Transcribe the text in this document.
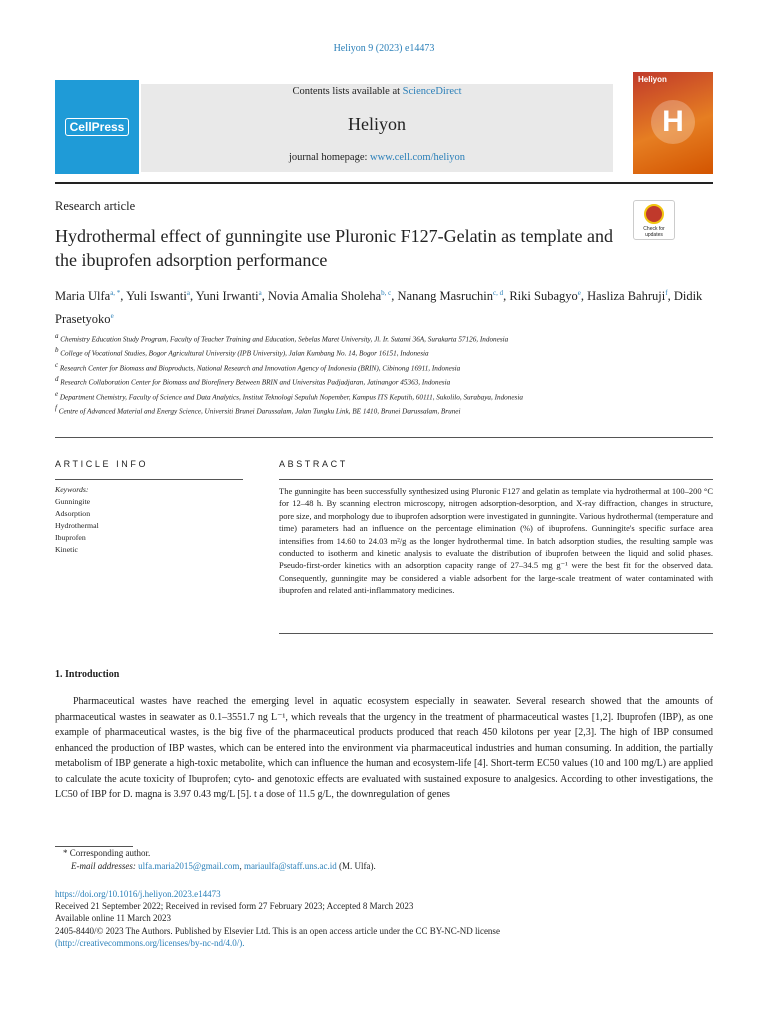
Heliyon 9 (2023) e14473
CellPress
Contents lists available at ScienceDirect
Heliyon
journal homepage: www.cell.com/heliyon
Heliyon
H
Research article
Check for updates
Hydrothermal effect of gunningite use Pluronic F127-Gelatin as template and the ibuprofen adsorption performance
Maria Ulfa$^{a, *}$, Yuli Iswanti$^a$, Yuni Irwanti$^a$, Novia Amalia Sholeha$^{b, c}$, Nanang Masruchin$^{c, d}$, Riki Subagyo$^e$, Hasliza Bahruji$^f$, Didik Prasetyoko$^e$
$^a$ Chemistry Education Study Program, Faculty of Teacher Training and Education, Sebelas Maret University, Jl. Ir. Sutami 36A, Surakarta 57126, Indonesia
$^b$ College of Vocational Studies, Bogor Agricultural University (IPB University), Jalan Kumbang No. 14, Bogor 16151, Indonesia
$^c$ Research Center for Biomass and Bioproducts, National Research and Innovation Agency of Indonesia (BRIN), Cibinong 16911, Indonesia
$^d$ Research Collaboration Center for Biomass and Biorefinery Between BRIN and Universitas Padjadjaran, Jatinangor 45363, Indonesia
$^e$ Department Chemistry, Faculty of Science and Data Analytics, Institut Teknologi Sepuluh Nopember, Kampus ITS Keputih, 60111, Sukolilo, Surabaya, Indonesia
$^f$ Centre of Advanced Material and Energy Science, Universiti Brunei Darussalam, Jalan Tungku Link, BE 1410, Brunei Darussalam, Brunei
ARTICLE INFO	ABSTRACT
Keywords:
Gunningite
Adsorption
Hydrothermal
Ibuprofen
Kinetic
The gunningite has been successfully synthesized using Pluronic F127 and gelatin as template via hydrothermal at 100–200 °C for 12–48 h. By scanning electron microscopy, nitrogen adsorption-desorption, and X-ray diffraction, changes in structure, pore size, and morphology due to ibuprofen adsorption were investigated in gunningite. Various hydrothermal (temperature and time) parameters had an influence on the percentage elimination (%) of ibuprofens. Gunningite's specific surface area intensifies from 14.60 to 24.03 m²/g as the longer hydrothermal time. In batch adsorption studies, the resulting sample was conducted to isotherm and kinetic analysis to evaluate the distribution of ibuprofen between the liquid and solid phases. Pseudo-first-order kinetics with an adsorption capacity range of 27–34.5 mg g⁻¹ were the best fit for the observed data. Consequently, gunningite may be considered a viable adsorbent for the large-scale treatment of water contaminated with ibuprofen and related anti-inflammatory medicines.
1. Introduction
Pharmaceutical wastes have reached the emerging level in aquatic ecosystem especially in seawater. Several research showed that the amounts of pharmaceutical wastes in seawater as 0.1–3551.7 ng L⁻¹, which reveals that the urgency in the treatment of pharmaceutical wastes [1,2]. Ibuprofen (IBP), as one example of pharmaceutical wastes, is the big five of the pharmaceutical products produced that reach 450 kilotons per year [2,3]. The high of IBP consumed enhanced the production of IBP wastes, which can be entered into the environment via pharmaceutical industries and human consuming. In addition, the partially metabolism of IBP generate a high-toxic metabolite, which can influence the human and ecosystem-life [4]. Short-term EC50 values (10 and 100 mg/L) are applied to calculate the acute toxicity of Ibuprofen; cyto- and genotoxic effects are evaluated with sustained exposure to analgesics. According to other investigations, the LC50 of IBP for D. magna is 3.97 0.43 mg/L [5]. t a dose of 11.5 g/L, the downregulation of genes
* Corresponding author.
E-mail addresses: ulfa.maria2015@gmail.com, mariaulfa@staff.uns.ac.id (M. Ulfa).
https://doi.org/10.1016/j.heliyon.2023.e14473
Received 21 September 2022; Received in revised form 27 February 2023; Accepted 8 March 2023
Available online 11 March 2023
2405-8440/© 2023 The Authors. Published by Elsevier Ltd. This is an open access article under the CC BY-NC-ND license
(http://creativecommons.org/licenses/by-nc-nd/4.0/).
